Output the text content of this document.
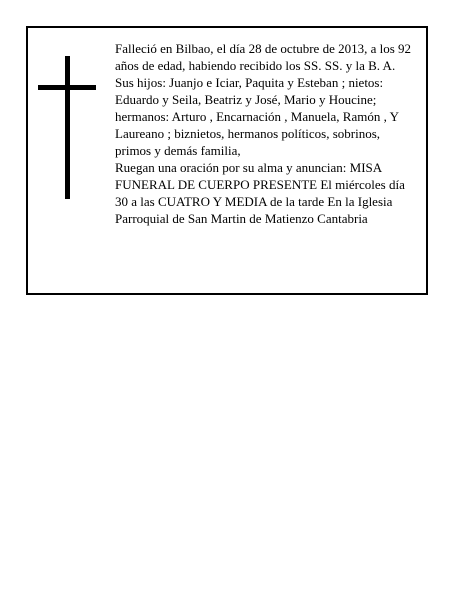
Falleció en Bilbao, el día 28 de octubre de 2013, a los 92 años de edad, habiendo recibido los SS. SS. y la B. A.

Sus hijos: Juanjo e Iciar, Paquita y Esteban ; nietos: Eduardo y Seila, Beatriz y José, Mario y Houcine; hermanos: Arturo , Encarnación , Manuela, Ramón , Y Laureano ; biznietos, hermanos políticos, sobrinos, primos y demás familia,

Ruegan una oración por su alma y anuncian: MISA FUNERAL DE CUERPO PRESENTE El miércoles día 30 a las CUATRO Y MEDIA de la tarde En la Iglesia Parroquial de San Martin de Matienzo Cantabria
